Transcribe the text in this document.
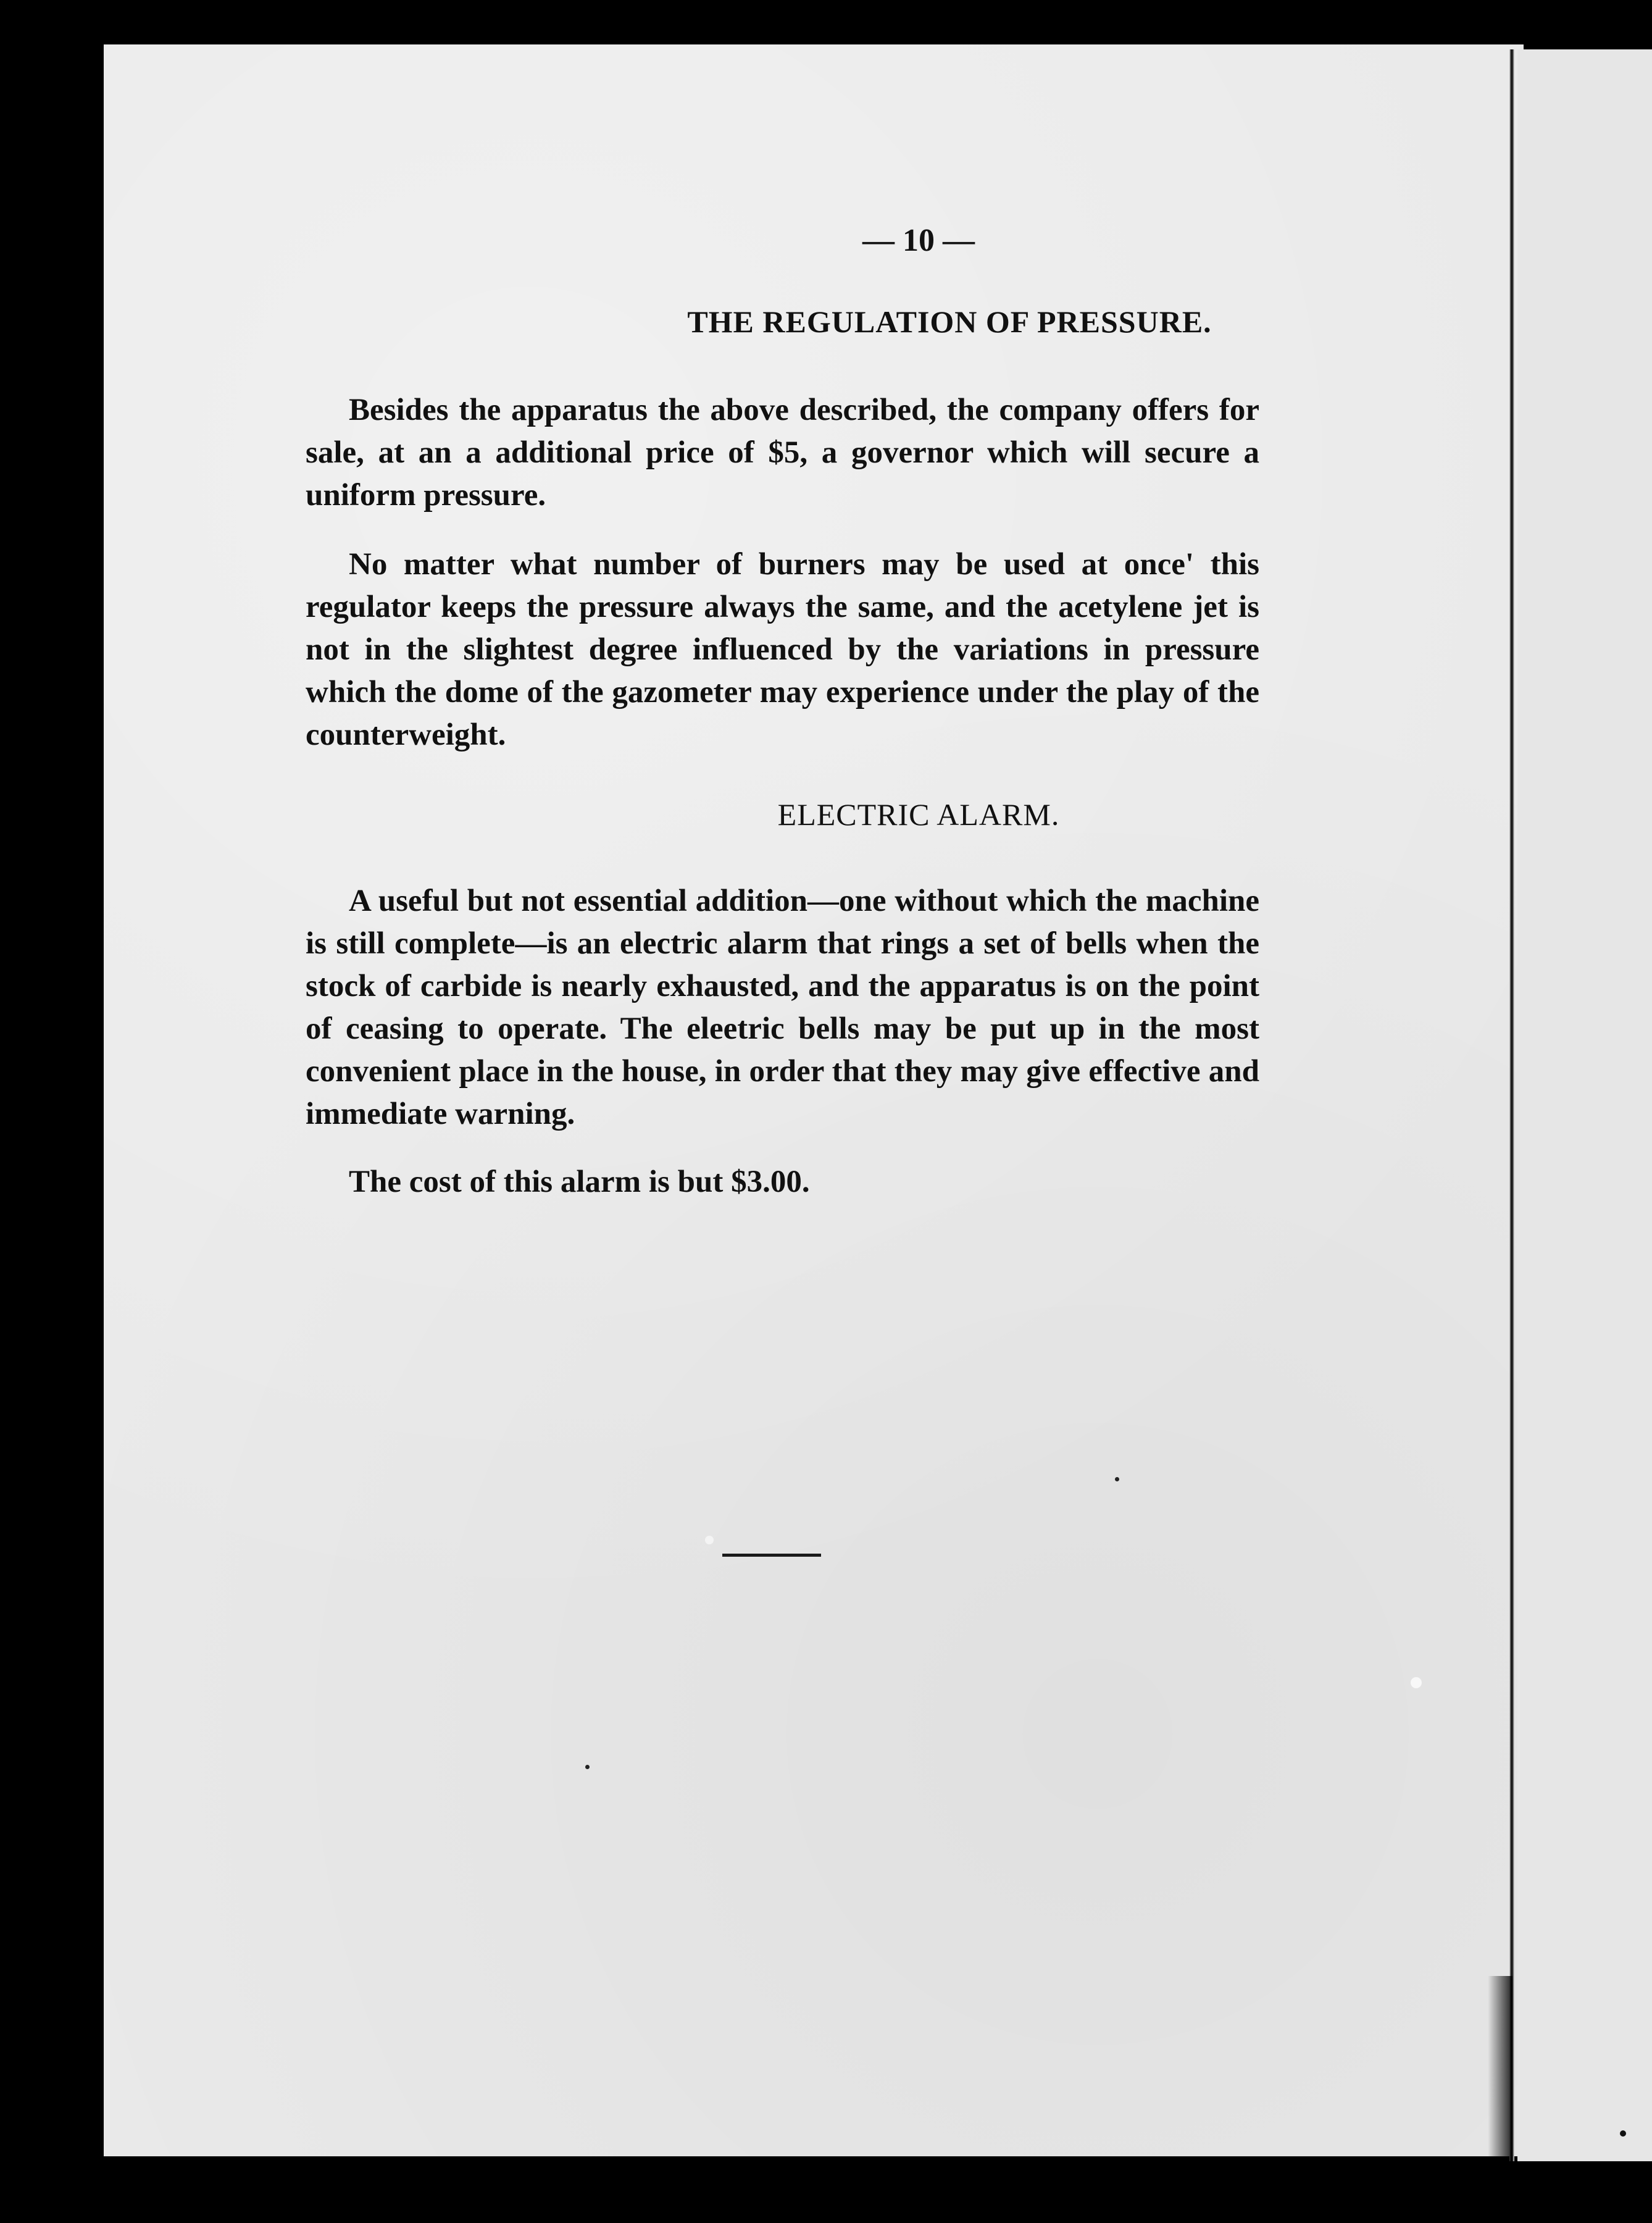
— 10 —
THE REGULATION OF PRESSURE.

Besides the apparatus the above described, the company offers for sale, at an a additional price of $5, a governor which will secure a uniform pressure.

No matter what number of burners may be used at once' this regulator keeps the pressure always the same, and the acetylene jet is not in the slightest degree influenced by the variations in pressure which the dome of the gazometer may experience under the play of the counterweight.

ELECTRIC ALARM.

A useful but not essential addition—one without which the machine is still complete—is an electric alarm that rings a set of bells when the stock of carbide is nearly exhausted, and the apparatus is on the point of ceasing to operate. The eleetric bells may be put up in the most convenient place in the house, in order that they may give effective and immediate warning.

The cost of this alarm is but $3.00.
